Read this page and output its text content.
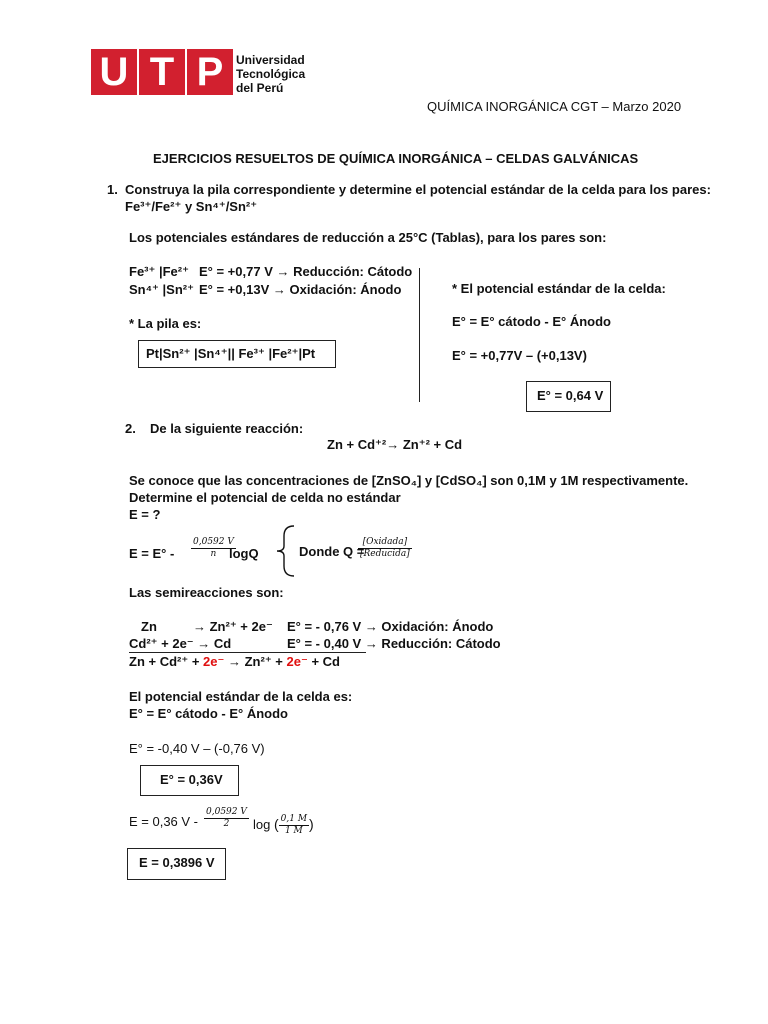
U T P	Universidad
Tecnológica
del Perú
QUÍMICA INORGÁNICA CGT – Marzo 2020
EJERCICIOS RESUELTOS DE QUÍMICA INORGÁNICA – CELDAS GALVÁNICAS
1. Construya la pila correspondiente y determine el potencial estándar de la celda para los pares:
Fe³⁺/Fe²⁺ y Sn⁴⁺/Sn²⁺
Los potenciales estándares de reducción a 25°C (Tablas), para los pares son:
Fe³⁺ |Fe²⁺ E° = +0,77 V → Reducción: Cátodo
Sn⁴⁺ |Sn²⁺ E° = +0,13V → Oxidación: Ánodo
* La pila es:
Pt|Sn²⁺ |Sn⁴⁺|| Fe³⁺ |Fe²⁺|Pt
* El potencial estándar de la celda:
E° = E° cátodo - E° Ánodo
E° = +0,77V – (+0,13V)
E° = 0,64 V
2. De la siguiente reacción:
Zn + Cd⁺²→ Zn⁺² + Cd
Se conoce que las concentraciones de [ZnSO₄] y [CdSO₄] son 0,1M y 1M respectivamente.
Determine el potencial de celda no estándar
E = ?
$E = E^\circ - \frac{0,0592 V}{n}$
logQ	Donde Q =
$\frac{\text{[Oxidada]}}{\text{[Reducida]}}$
Las semireacciones son:
Zn	→ Zn²⁺ + 2e⁻ E° = - 0,76 V → Oxidación: Ánodo
Cd²⁺ + 2e⁻ → Cd	E° = - 0,40 V → Reducción: Cátodo
Zn + Cd²⁺ + 2e⁻ → Zn²⁺ + 2e⁻ + Cd
El potencial estándar de la celda es:
E° = E° cátodo - E° Ánodo
E° = -0,40 V – (-0,76 V)
E° = 0,36V
E = 0,36 V - $\frac{0,0592 V}{2}$ log ( $\frac{0,1 M}{1 M}$ )
E = 0,3896 V
